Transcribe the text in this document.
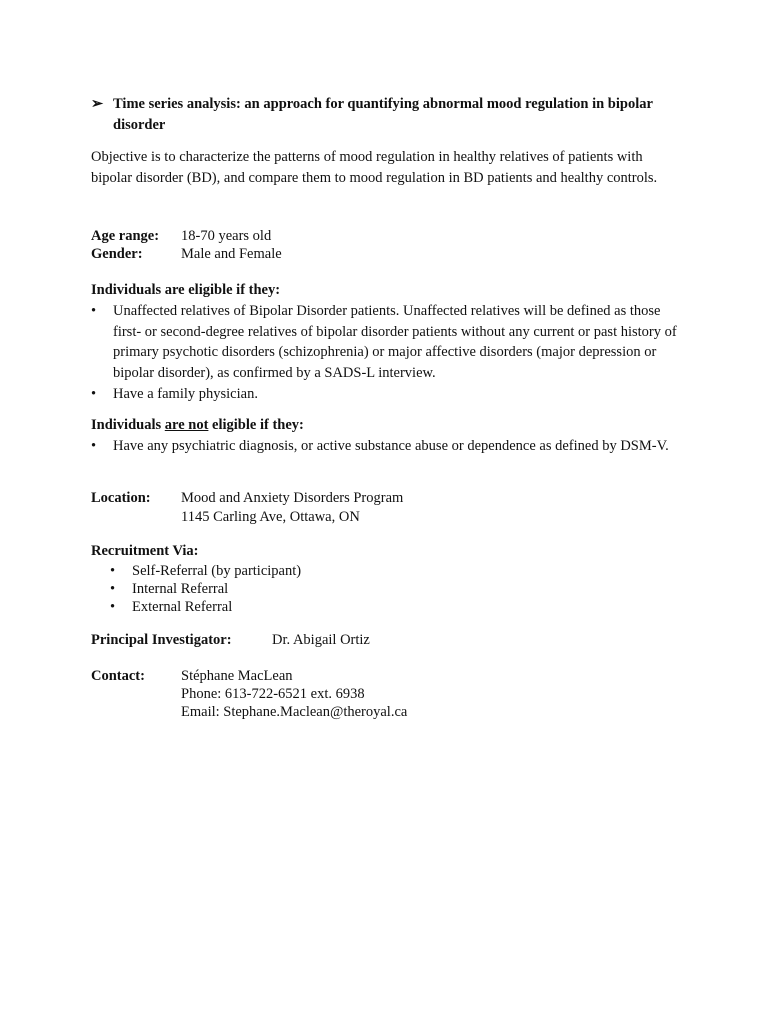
➢ Time series analysis: an approach for quantifying abnormal mood regulation in bipolar disorder
Objective is to characterize the patterns of mood regulation in healthy relatives of patients with bipolar disorder (BD), and compare them to mood regulation in BD patients and healthy controls.
Age range: 18-70 years old
Gender:	Male and Female
Individuals are eligible if they:
• Unaffected relatives of Bipolar Disorder patients. Unaffected relatives will be defined as those first- or second-degree relatives of bipolar disorder patients without any current or past history of primary psychotic disorders (schizophrenia) or major affective disorders (major depression or bipolar disorder), as confirmed by a SADS-L interview.
• Have a family physician.
Individuals are not eligible if they:
• Have any psychiatric diagnosis, or active substance abuse or dependence as defined by DSM-V.
Location: Mood and Anxiety Disorders Program
1145 Carling Ave, Ottawa, ON
Recruitment Via:
• Self-Referral (by participant)
• Internal Referral
• External Referral
Principal Investigator:	Dr. Abigail Ortiz
Contact: Stéphane MacLean
Phone: 613-722-6521 ext. 6938
Email: Stephane.Maclean@theroyal.ca
